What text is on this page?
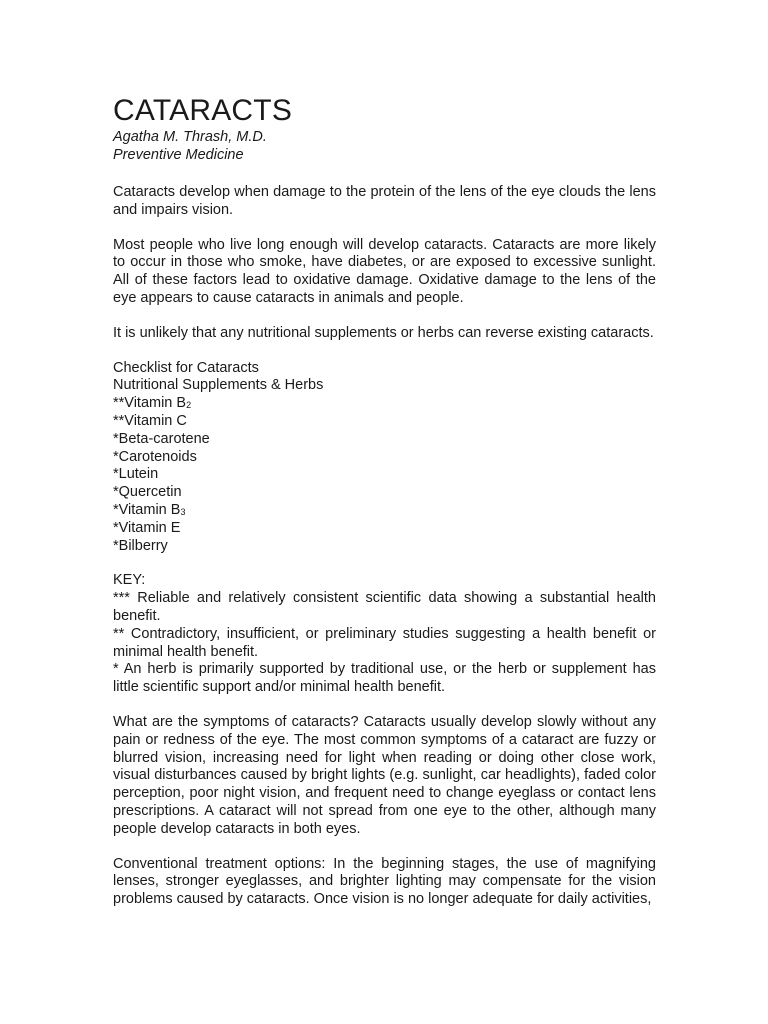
CATARACTS
Agatha M. Thrash, M.D.
Preventive Medicine

Cataracts develop when damage to the protein of the lens of the eye clouds the lens and impairs vision.

Most people who live long enough will develop cataracts. Cataracts are more likely to occur in those who smoke, have diabetes, or are exposed to excessive sunlight. All of these factors lead to oxidative damage. Oxidative damage to the lens of the eye appears to cause cataracts in animals and people.

It is unlikely that any nutritional supplements or herbs can reverse existing cataracts.

Checklist for Cataracts
Nutritional Supplements & Herbs
**Vitamin $B_2$
**Vitamin C
*Beta-carotene
*Carotenoids
*Lutein
*Quercetin
*Vitamin $B_3$
*Vitamin E
*Bilberry
KEY:

*** Reliable and relatively consistent scientific data showing a substantial health benefit.

** Contradictory, insufficient, or preliminary studies suggesting a health benefit or minimal health benefit.

* An herb is primarily supported by traditional use, or the herb or supplement has little scientific support and/or minimal health benefit.

What are the symptoms of cataracts? Cataracts usually develop slowly without any pain or redness of the eye. The most common symptoms of a cataract are fuzzy or blurred vision, increasing need for light when reading or doing other close work, visual disturbances caused by bright lights (e.g. sunlight, car headlights), faded color perception, poor night vision, and frequent need to change eyeglass or contact lens prescriptions. A cataract will not spread from one eye to the other, although many people develop cataracts in both eyes.

Conventional treatment options: In the beginning stages, the use of magnifying lenses, stronger eyeglasses, and brighter lighting may compensate for the vision problems caused by cataracts. Once vision is no longer adequate for daily activities,
